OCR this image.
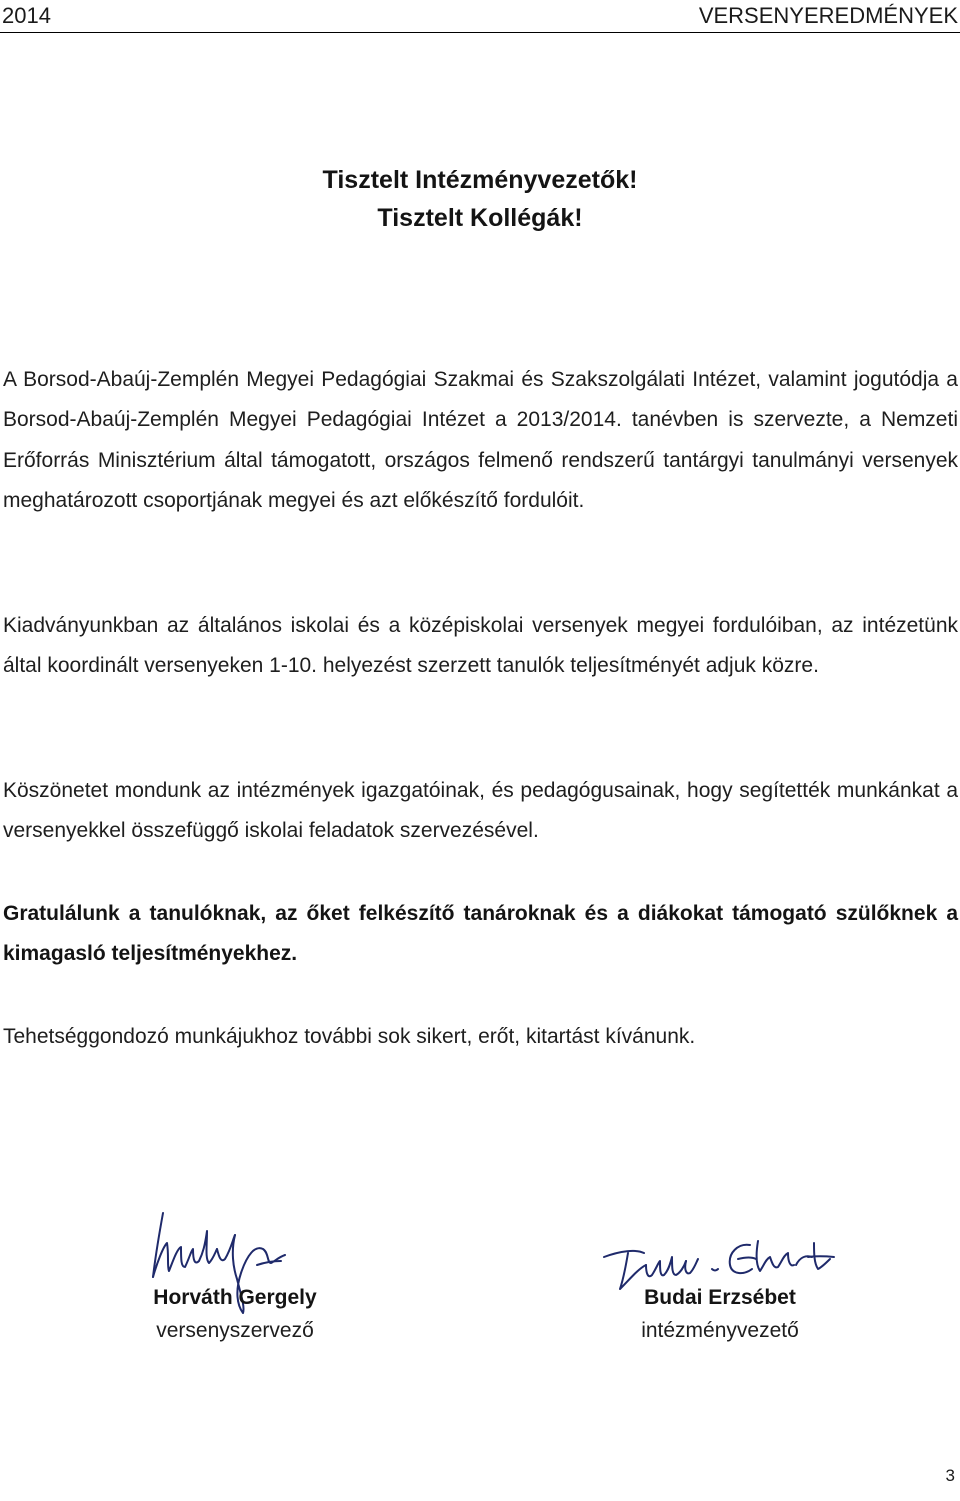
2014	VERSENYEREDMÉNYEK
Tisztelt Intézményvezetők!
Tisztelt Kollégák!
A Borsod-Abaúj-Zemplén Megyei Pedagógiai Szakmai és Szakszolgálati Intézet, valamint jogutódja a Borsod-Abaúj-Zemplén Megyei Pedagógiai Intézet a 2013/2014. tanévben is szervezte, a Nemzeti Erőforrás Minisztérium által támogatott, országos felmenő rendszerű tantárgyi tanulmányi versenyek meghatározott csoportjának megyei és azt előkészítő fordulóit.
Kiadványunkban az általános iskolai és a középiskolai versenyek megyei fordulóiban, az intézetünk által koordinált versenyeken 1-10. helyezést szerzett tanulók teljesítményét adjuk közre.
Köszönetet mondunk az intézmények igazgatóinak, és pedagógusainak, hogy segítették munkánkat a versenyekkel összefüggő iskolai feladatok szervezésével.
Gratulálunk a tanulóknak, az őket felkészítő tanároknak és a diákokat támogató szülőknek a kimagasló teljesítményekhez.
Tehetséggondozó munkájukhoz további sok sikert, erőt, kitartást kívánunk.
Horváth Gergely
versenyszervező
Budai Erzsébet
intézményvezető
3
